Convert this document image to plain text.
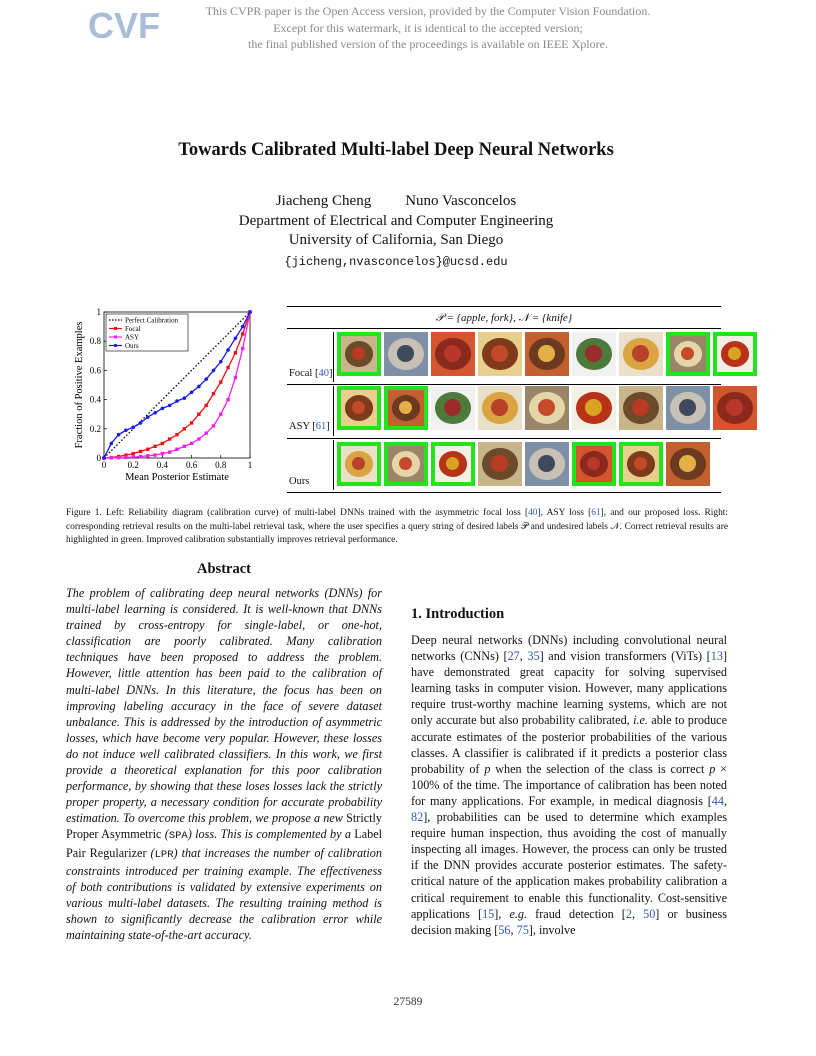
CVF	This CVPR paper is the Open Access version, provided by the Computer Vision Foundation.
Except for this watermark, it is identical to the accepted version;
the final published version of the proceedings is available on IEEE Xplore.
Towards Calibrated Multi-label Deep Neural Networks
Jiacheng Cheng Nuno Vasconcelos
Department of Electrical and Computer Engineering
University of California, San Diego
{jicheng,nvasconcelos}@ucsd.edu
0 0.2 0.4 0.6 0.8 1
0
0.2
0.4
0.6
0.8
1
Mean Posterior Estimate
Fraction of Positive Examples
Perfect Calibration
Focal
ASY
Ours
𝒫 = {apple, fork}, 𝒩 = {knife}
Focal [40]
ASY [61]
Ours
Figure 1. Left: Reliability diagram (calibration curve) of multi-label DNNs trained with the asymmetric focal loss [40], ASY loss [61], and our proposed loss. Right: corresponding retrieval results on the multi-label retrieval task, where the user specifies a query string of desired labels 𝒫 and undesired labels 𝒩. Correct retrieval results are highlighted in green. Improved calibration substantially improves retrieval performance.
Abstract
The problem of calibrating deep neural networks (DNNs) for multi-label learning is considered. It is well-known that DNNs trained by cross-entropy for single-label, or one-hot, classification are poorly calibrated. Many calibration techniques have been proposed to address the problem. However, little attention has been paid to the calibration of multi-label DNNs. In this literature, the focus has been on improving labeling accuracy in the face of severe dataset unbalance. This is addressed by the introduction of asymmetric losses, which have become very popular. However, these losses do not induce well calibrated classifiers. In this work, we first provide a theoretical explanation for this poor calibration performance, by showing that these loses losses lack the strictly proper property, a necessary condition for accurate probability estimation. To overcome this problem, we propose a new Strictly Proper Asymmetric (SPA) loss. This is complemented by a Label Pair Regularizer (LPR) that increases the number of calibration constraints introduced per training example. The effectiveness of both contributions is validated by extensive experiments on various multi-label datasets. The resulting training method is shown to significantly decrease the calibration error while maintaining state-of-the-art accuracy.
1. Introduction
Deep neural networks (DNNs) including convolutional neural networks (CNNs) [27, 35] and vision transformers (ViTs) [13] have demonstrated great capacity for solving supervised learning tasks in computer vision. However, many applications require trust-worthy machine learning systems, which are not only accurate but also probability calibrated, i.e. able to produce accurate estimates of the posterior probabilities of the various classes. A classifier is calibrated if it predicts a posterior class probability of p when the selection of the class is correct p × 100% of the time. The importance of calibration has been noted for many applications. For example, in medical diagnosis [44, 82], probabilities can be used to determine which examples require human inspection, thus avoiding the cost of manually inspecting all images. However, the process can only be trusted if the DNN provides accurate posterior estimates. The safety-critical nature of the application makes probability calibration a critical requirement to enable this functionality. Cost-sensitive applications [15], e.g. fraud detection [2, 50] or business decision making [56, 75], involve
27589
